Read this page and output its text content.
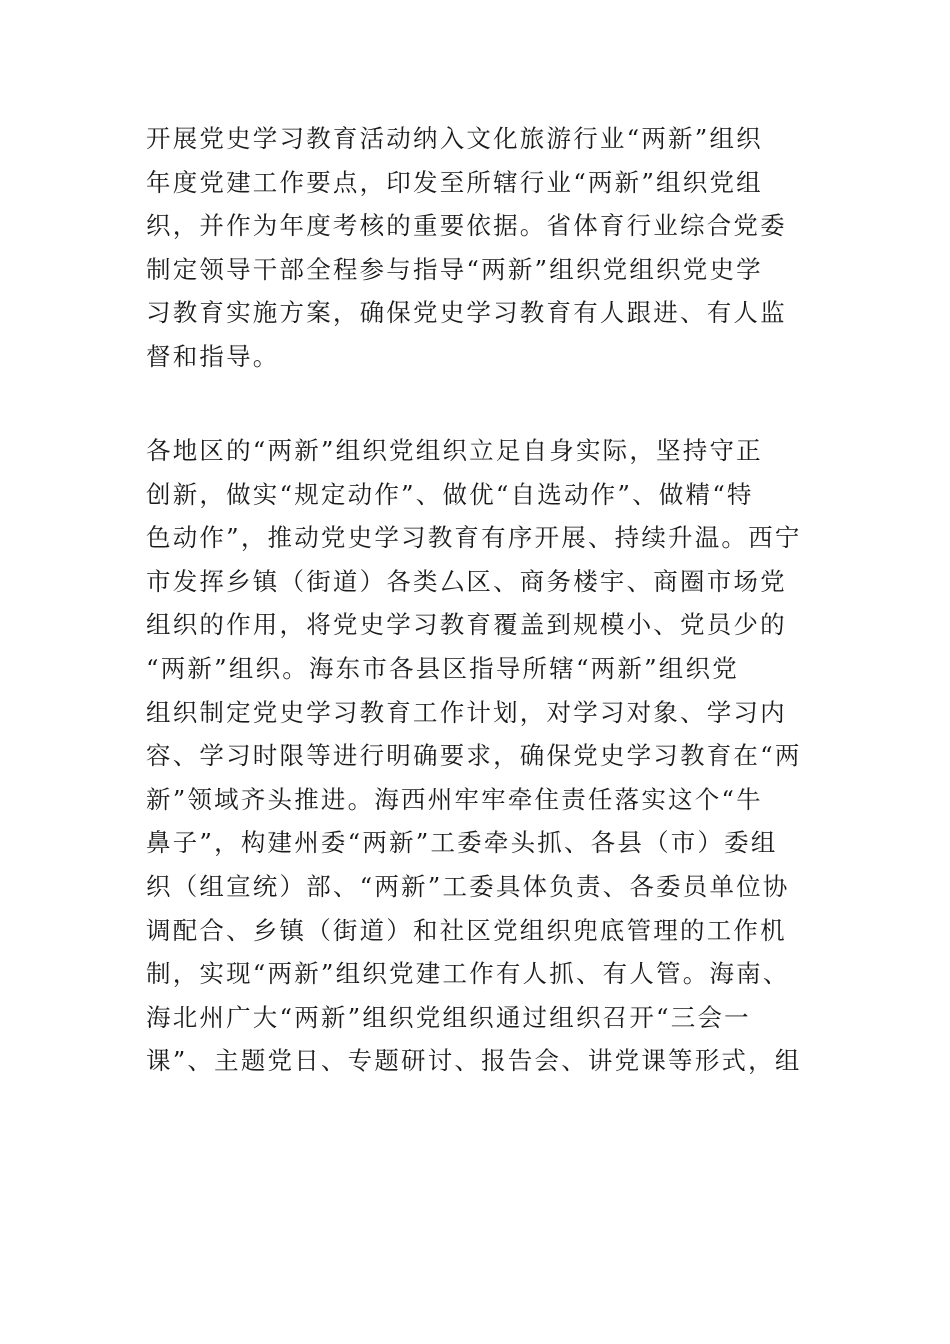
开展党史学习教育活动纳入文化旅游行业“两新”组织
年度党建工作要点，印发至所辖行业“两新”组织党组
织，并作为年度考核的重要依据。省体育行业综合党委
制定领导干部全程参与指导“两新”组织党组织党史学
习教育实施方案，确保党史学习教育有人跟进、有人监
督和指导。
各地区的“两新”组织党组织立足自身实际，坚持守正
创新，做实“规定动作”、做优“自选动作”、做精“特
色动作”，推动党史学习教育有序开展、持续升温。西宁
市发挥乡镇（街道）各类厶区、商务楼宇、商圈市场党
组织的作用，将党史学习教育覆盖到规模小、党员少的
“两新”组织。海东市各县区指导所辖“两新”组织党
组织制定党史学习教育工作计划，对学习对象、学习内
容、学习时限等进行明确要求，确保党史学习教育在“两
新”领域齐头推进。海西州牢牢牵住责任落实这个“牛
鼻子”，构建州委“两新”工委牵头抓、各县（市）委组
织（组宣统）部、“两新”工委具体负责、各委员单位协
调配合、乡镇（街道）和社区党组织兜底管理的工作机
制，实现“两新”组织党建工作有人抓、有人管。海南、
海北州广大“两新”组织党组织通过组织召开“三会一
课”、主题党日、专题研讨、报告会、讲党课等形式，组
